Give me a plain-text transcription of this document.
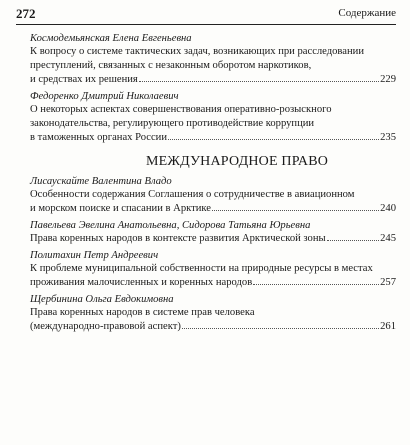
272	Содержание
Космодемьянская Елена Евгеньевна
К вопросу о системе тактических задач, возникающих при расследовании
преступлений, связанных с незаконным оборотом наркотиков,
и средствах их решения	229
Федоренко Дмитрий Николаевич
О некоторых аспектах совершенствования оперативно-розыскного
законодательства, регулирующего противодействие коррупции
в таможенных органах России	235
МЕЖДУНАРОДНОЕ ПРАВО
Лисаускайте Валентина Владо
Особенности содержания Соглашения о сотрудничестве в авиационном
и морском поиске и спасании в Арктике	240
Павельева Эвелина Анатольевна, Сидорова Татьяна Юрьевна
Права коренных народов в контексте развития Арктической зоны	245
Политахин Петр Андреевич
К проблеме муниципальной собственности на природные ресурсы в местах
проживания малочисленных и коренных народов	257
Щербинина Ольга Евдокимовна
Права коренных народов в системе прав человека
(международно-правовой аспект)	261
